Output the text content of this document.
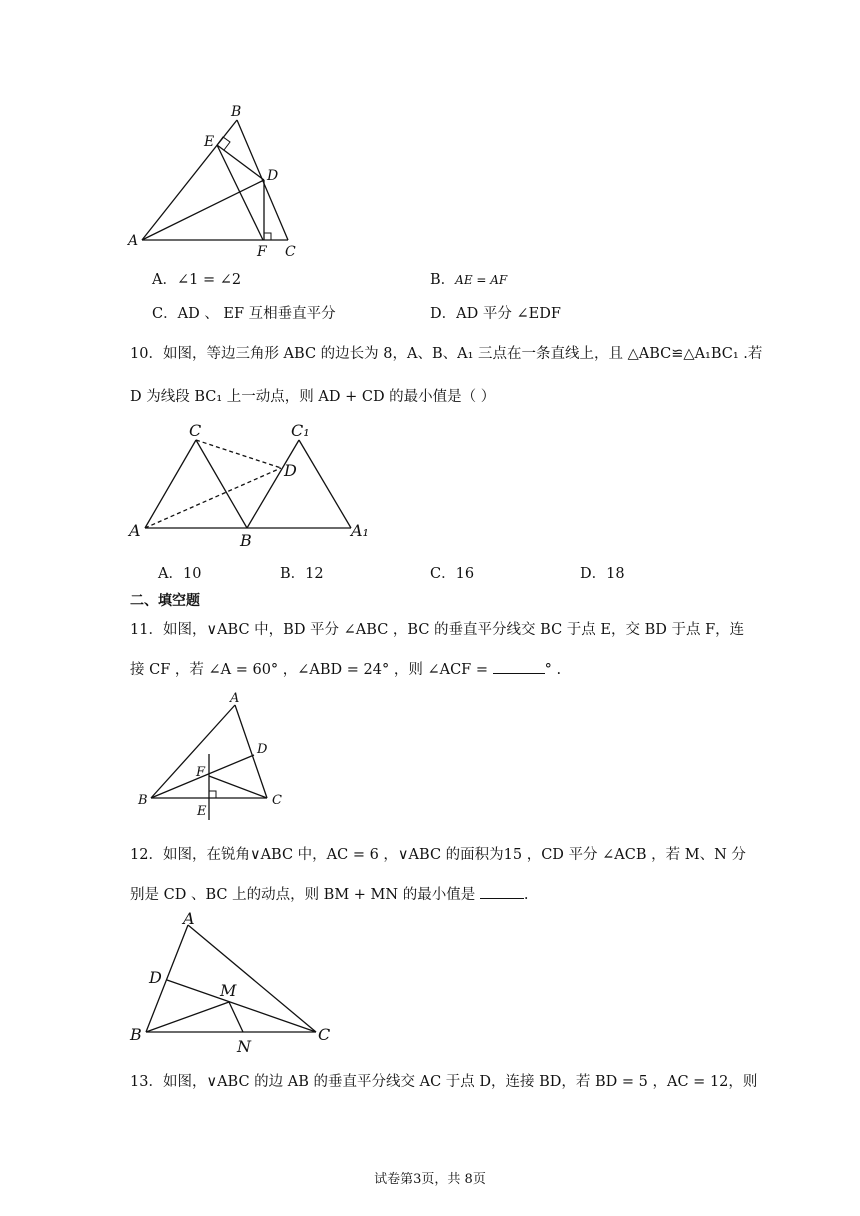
B
E
D
A
F C
A．∠1 = ∠2	B．AE = AF
C．AD 、 EF 互相垂直平分	D．AD 平分 ∠EDF
10．如图，等边三角形 ABC 的边长为 8，A、B、A₁ 三点在一条直线上，且 △ABC≌△A₁BC₁ .若
D 为线段 BC₁ 上一动点，则 AD + CD 的最小值是（ ）
C	C₁
D
A
B
A₁
A．10	B．12	C．16	D．18
二、填空题
11．如图，∨ABC 中，BD 平分 ∠ABC ，BC 的垂直平分线交 BC 于点 E，交 BD 于点 F，连
接 CF ，若 ∠A = 60° ，∠ABD = 24° ，则 ∠ACF =	° .
A
D
F
B
E
C
12．如图，在锐角∨ABC 中，AC = 6 ，∨ABC 的面积为15 ，CD 平分 ∠ACB ，若 M、N 分
别是 CD 、BC 上的动点，则 BM + MN 的最小值是	.
A
D
M
B
N
C
13．如图，∨ABC 的边 AB 的垂直平分线交 AC 于点 D，连接 BD，若 BD = 5 ，AC = 12，则
试卷第3页，共 8页
